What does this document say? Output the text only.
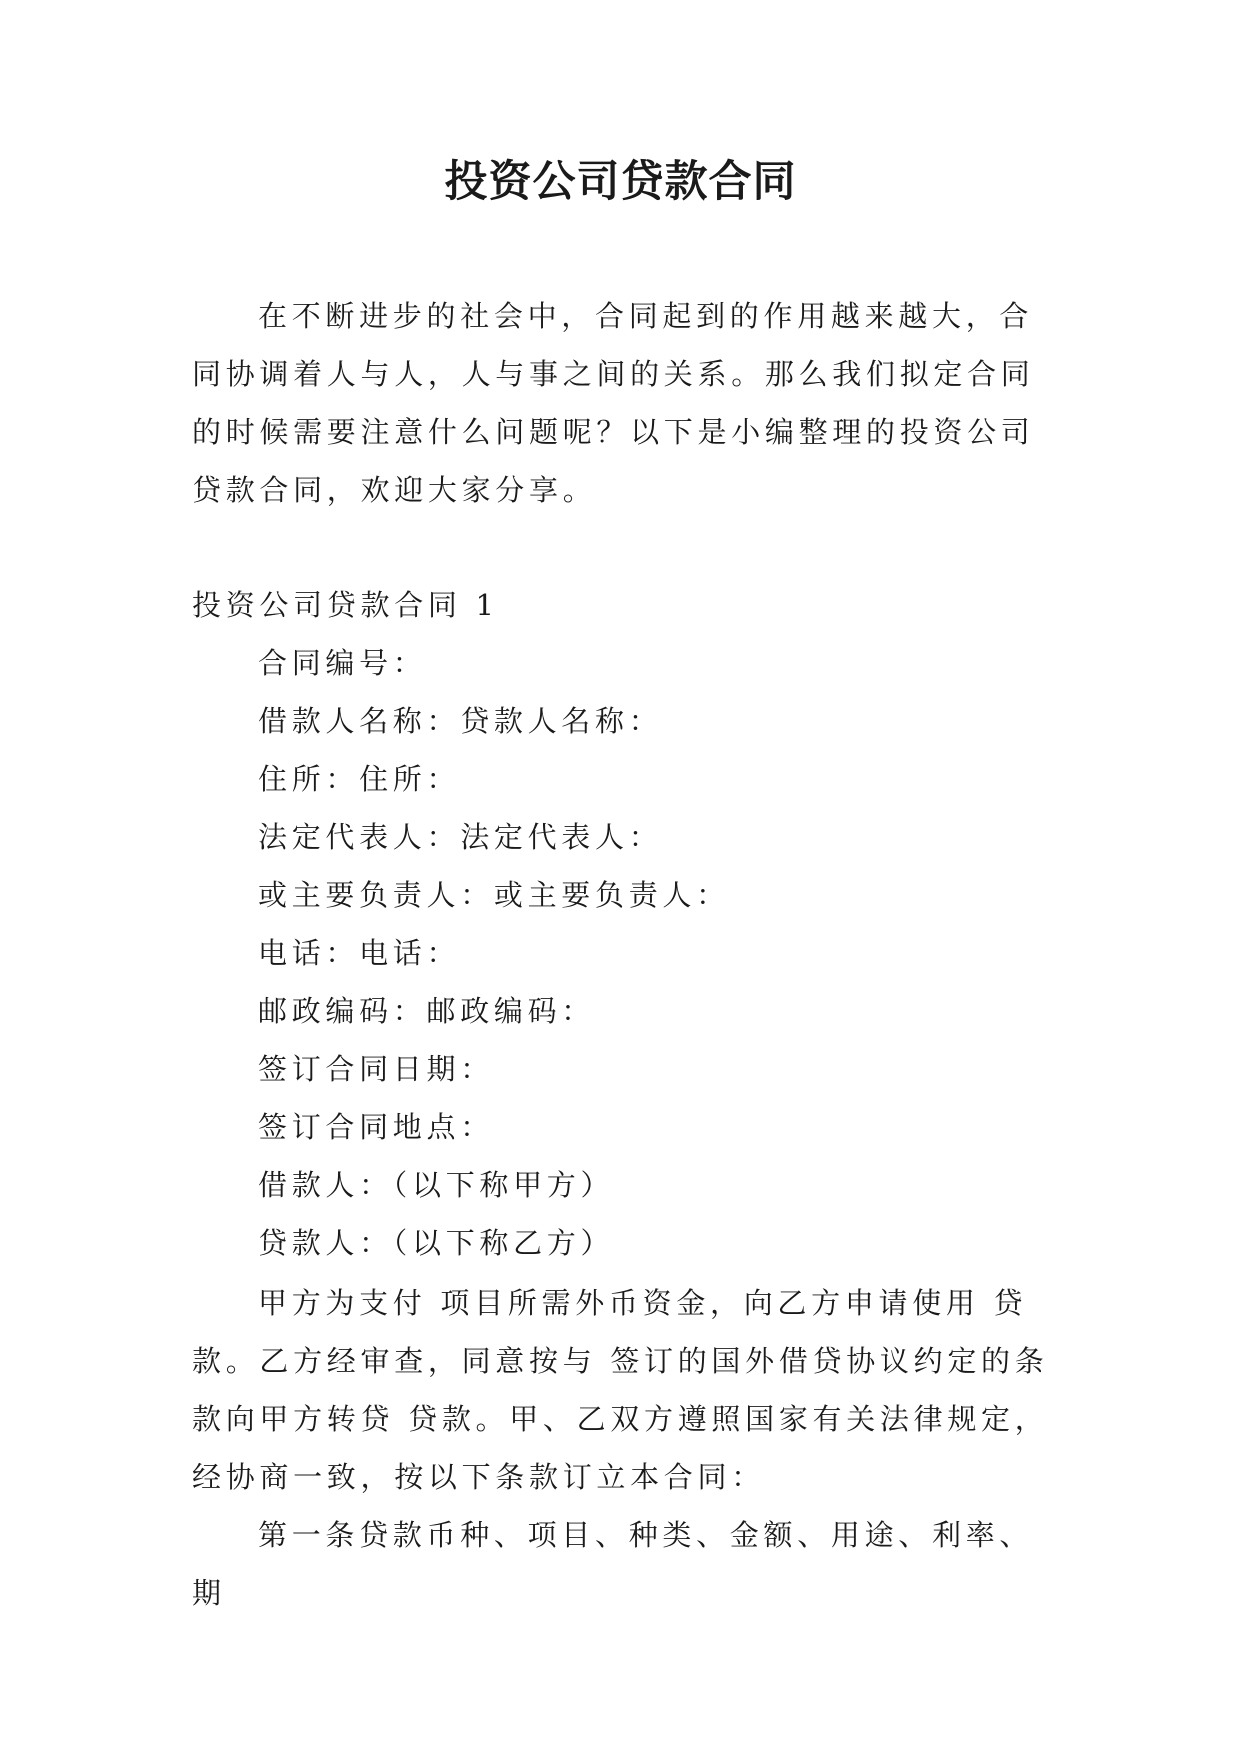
投资公司贷款合同

在不断进步的社会中，合同起到的作用越来越大，合同协调着人与人，人与事之间的关系。那么我们拟定合同的时候需要注意什么问题呢？以下是小编整理的投资公司贷款合同，欢迎大家分享。

投资公司贷款合同 1

合同编号：

借款人名称：贷款人名称：

住所：住所：

法定代表人：法定代表人：

或主要负责人：或主要负责人：

电话：电话：

邮政编码：邮政编码：

签订合同日期：

签订合同地点：

借款人：（以下称甲方）

贷款人：（以下称乙方）

甲方为支付 项目所需外币资金，向乙方申请使用 贷款。乙方经审查，同意按与 签订的国外借贷协议约定的条款向甲方转贷 贷款。甲、乙双方遵照国家有关法律规定，经协商一致，按以下条款订立本合同：

第一条贷款币种、项目、种类、金额、用途、利率、期
